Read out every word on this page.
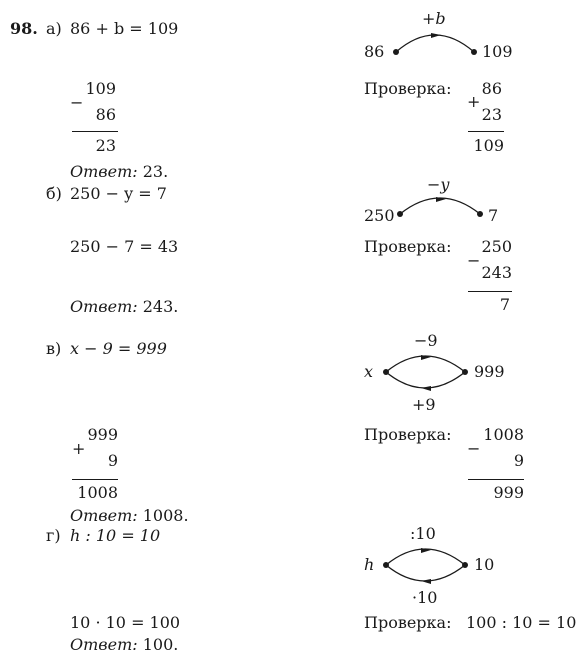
98. а) 86 + b = 109
109
−
86
23
Ответ: 23.
+b
86	109
Проверка:	86
+
23
109
б) 250 − y = 7
250 − 7 = 43
Ответ: 243.
−y
250	7
Проверка:	250
−
243
7
в) x − 9 = 999
999
+
9
1008
Ответ: 1008.
−9
x	999
+9
Проверка:	1008
−
9
999
г) h : 10 = 10
10 · 10 = 100
Ответ: 100.
:10
h	10
·10
Проверка: 100 : 10 = 10
